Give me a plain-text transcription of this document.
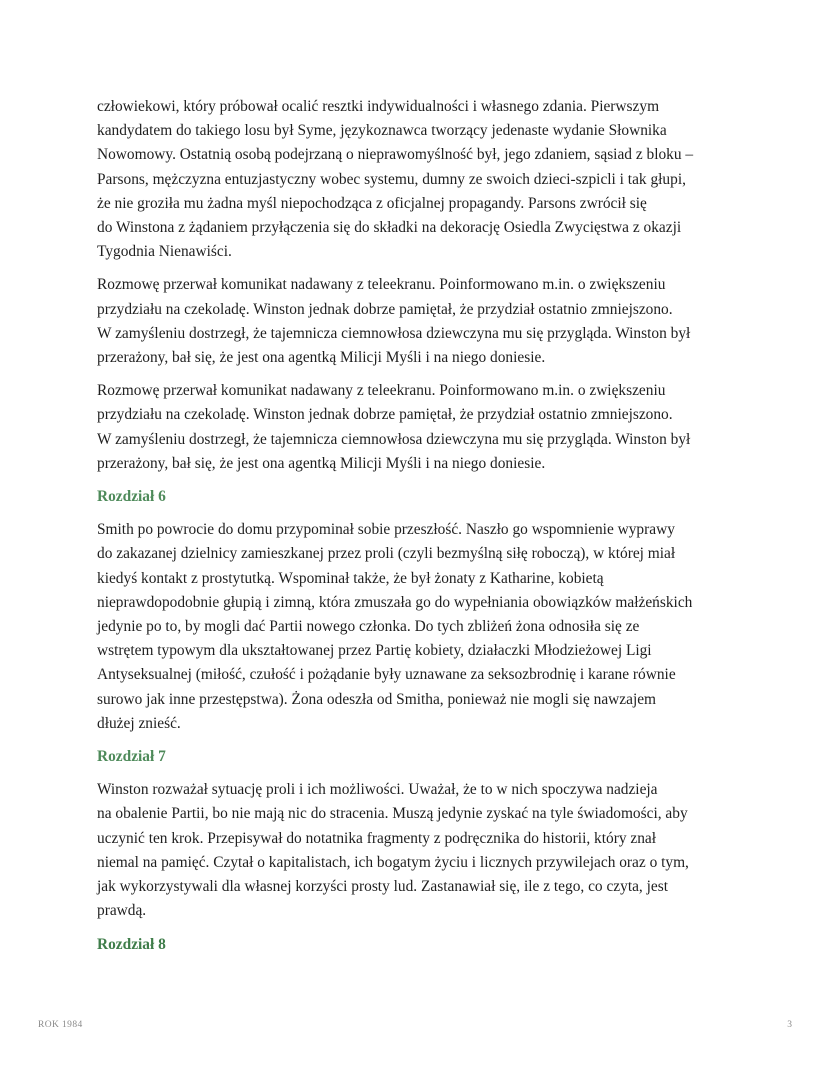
człowiekowi, który próbował ocalić resztki indywidualności i własnego zdania. Pierwszym
kandydatem do takiego losu był Syme, językoznawca tworzący jedenaste wydanie Słownika
Nowomowy. Ostatnią osobą podejrzaną o nieprawomyślność był, jego zdaniem, sąsiad z bloku –
Parsons, mężczyzna entuzjastyczny wobec systemu, dumny ze swoich dzieci-szpicli i tak głupi,
że nie groziła mu żadna myśl niepochodząca z oficjalnej propagandy. Parsons zwrócił się
do Winstona z żądaniem przyłączenia się do składki na dekorację Osiedla Zwycięstwa z okazji
Tygodnia Nienawiści.

Rozmowę przerwał komunikat nadawany z teleekranu. Poinformowano m.in. o zwiększeniu
przydziału na czekoladę. Winston jednak dobrze pamiętał, że przydział ostatnio zmniejszono.
W zamyśleniu dostrzegł, że tajemnicza ciemnowłosa dziewczyna mu się przygląda. Winston był
przerażony, bał się, że jest ona agentką Milicji Myśli i na niego doniesie.

Rozmowę przerwał komunikat nadawany z teleekranu. Poinformowano m.in. o zwiększeniu
przydziału na czekoladę. Winston jednak dobrze pamiętał, że przydział ostatnio zmniejszono.
W zamyśleniu dostrzegł, że tajemnicza ciemnowłosa dziewczyna mu się przygląda. Winston był
przerażony, bał się, że jest ona agentką Milicji Myśli i na niego doniesie.

Rozdział 6

Smith po powrocie do domu przypominał sobie przeszłość. Naszło go wspomnienie wyprawy
do zakazanej dzielnicy zamieszkanej przez proli (czyli bezmyślną siłę roboczą), w której miał
kiedyś kontakt z prostytutką. Wspominał także, że był żonaty z Katharine, kobietą
nieprawdopodobnie głupią i zimną, która zmuszała go do wypełniania obowiązków małżeńskich
jedynie po to, by mogli dać Partii nowego członka. Do tych zbliżeń żona odnosiła się ze
wstrętem typowym dla ukształtowanej przez Partię kobiety, działaczki Młodzieżowej Ligi
Antyseksualnej (miłość, czułość i pożądanie były uznawane za seksozbrodnię i karane równie
surowo jak inne przestępstwa). Żona odeszła od Smitha, ponieważ nie mogli się nawzajem
dłużej znieść.

Rozdział 7

Winston rozważał sytuację proli i ich możliwości. Uważał, że to w nich spoczywa nadzieja
na obalenie Partii, bo nie mają nic do stracenia. Muszą jedynie zyskać na tyle świadomości, aby
uczynić ten krok. Przepisywał do notatnika fragmenty z podręcznika do historii, który znał
niemal na pamięć. Czytał o kapitalistach, ich bogatym życiu i licznych przywilejach oraz o tym,
jak wykorzystywali dla własnej korzyści prosty lud. Zastanawiał się, ile z tego, co czyta, jest
prawdą.

Rozdział 8
ROK 1984	3
